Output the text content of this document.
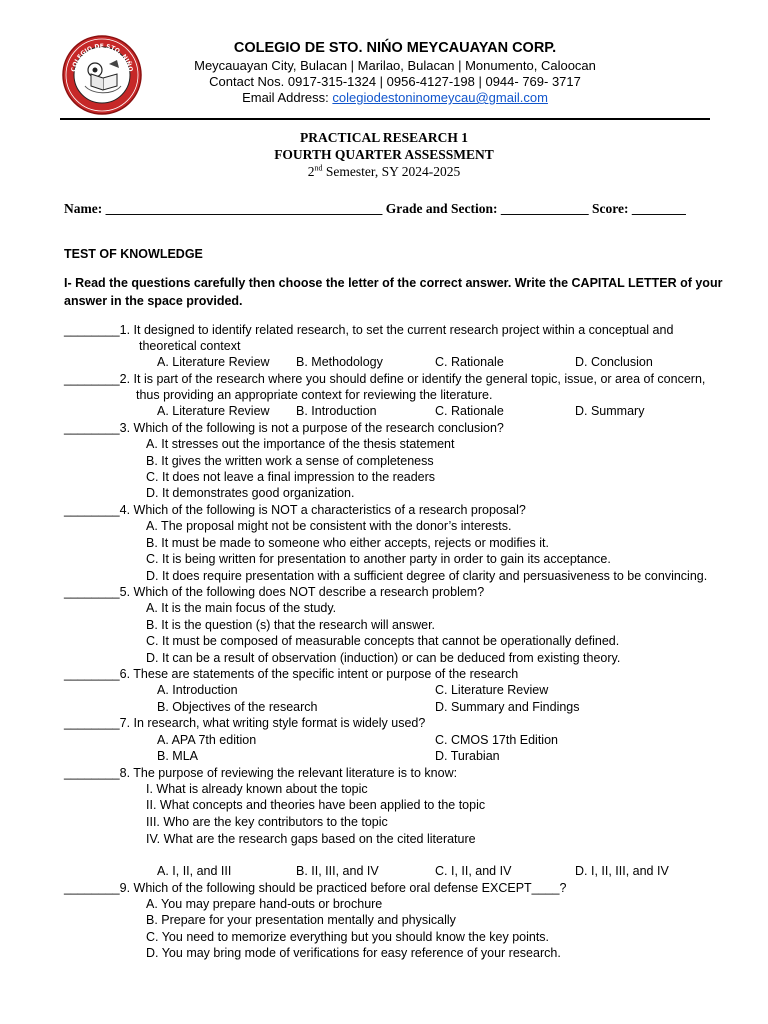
COLEGIO DE STO. NIÑO
COLEGIO DE STO. NIŃO MEYCAUAYAN CORP.
Meycauayan City, Bulacan | Marilao, Bulacan | Monumento, Caloocan
Contact Nos. 0917-315-1324 | 0956-4127-198 | 0944- 769- 3717
Email Address: colegiodestoninomeycau@gmail.com
PRACTICAL RESEARCH 1
FOURTH QUARTER ASSESSMENT
2nd Semester, SY 2024-2025
Name: _________________________________________ Grade and Section: _____________ Score: ________
TEST OF KNOWLEDGE
I- Read the questions carefully then choose the letter of the correct answer. Write the CAPITAL LETTER of your answer in the space provided.
________1. It designed to identify related research, to set the current research project within a conceptual and
theoretical context
A. Literature Review B. Methodology	C. Rationale	D. Conclusion
________2. It is part of the research where you should define or identify the general topic, issue, or area of concern,
thus providing an appropriate context for reviewing the literature.
A. Literature Review B. Introduction	C. Rationale	D. Summary
________3. Which of the following is not a purpose of the research conclusion?
A. It stresses out the importance of the thesis statement
B. It gives the written work a sense of completeness
C. It does not leave a final impression to the readers
D. It demonstrates good organization.
________4. Which of the following is NOT a characteristics of a research proposal?
A. The proposal might not be consistent with the donor’s interests.
B. It must be made to someone who either accepts, rejects or modifies it.
C. It is being written for presentation to another party in order to gain its acceptance.
D. It does require presentation with a sufficient degree of clarity and persuasiveness to be convincing.
________5. Which of the following does NOT describe a research problem?
A. It is the main focus of the study.
B. It is the question (s) that the research will answer.
C. It must be composed of measurable concepts that cannot be operationally defined.
D. It can be a result of observation (induction) or can be deduced from existing theory.
________6. These are statements of the specific intent or purpose of the research
A. Introduction	C. Literature Review
B. Objectives of the research	D. Summary and Findings
________7. In research, what writing style format is widely used?
A. APA 7th edition	C. CMOS 17th Edition
B. MLA	D. Turabian
________8. The purpose of reviewing the relevant literature is to know:
I. What is already known about the topic
II. What concepts and theories have been applied to the topic
III. Who are the key contributors to the topic
IV. What are the research gaps based on the cited literature
A. I, II, and III	B. II, III, and IV	C. I, II, and IV	D. I, II, III, and IV
________9. Which of the following should be practiced before oral defense EXCEPT____?
A. You may prepare hand-outs or brochure
B. Prepare for your presentation mentally and physically
C. You need to memorize everything but you should know the key points.
D. You may bring mode of verifications for easy reference of your research.
